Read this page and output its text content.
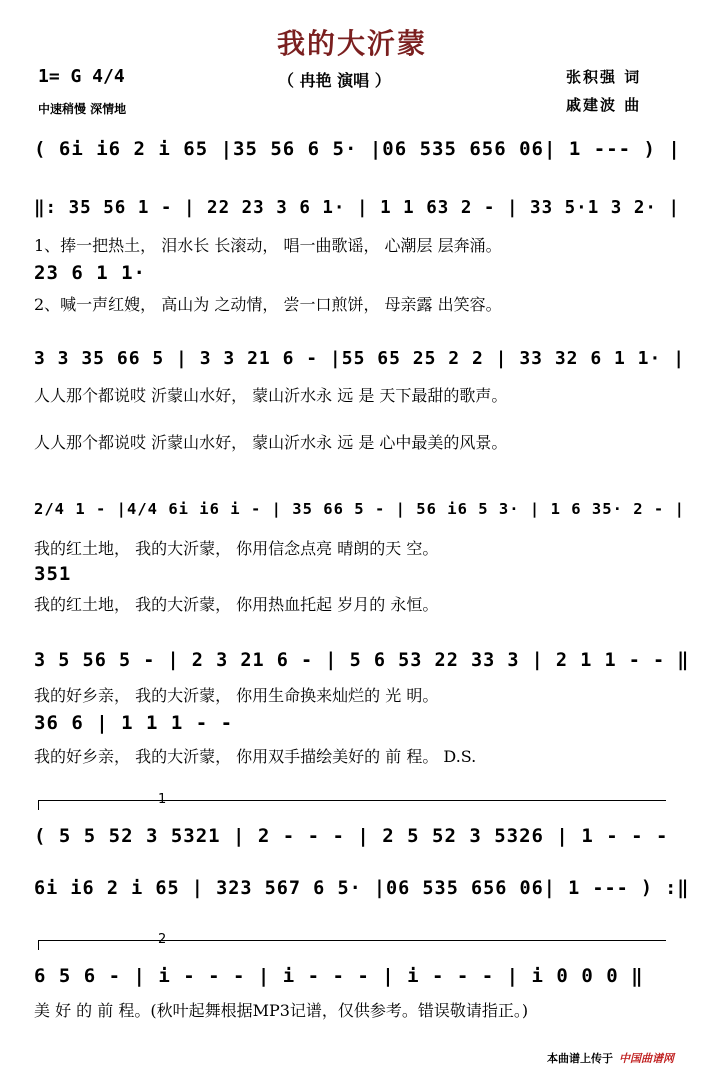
我的大沂蒙
（ 冉艳 演唱 ）
1= G 4/4
中速稍慢 深情地
张积强 词
戚建波 曲
( 6i i6 2 i 65 |35 56 6 5· |06 535 656 06| 1 --- ) |
‖: 35 56 1 - | 22 23 3 6 1· | 1 1 63 2 - | 33 5·1 3 2· |
1、捧一把热土， 泪水长 长滚动， 唱一曲歌谣， 心潮层 层奔涌。
23 6 1 1·
2、喊一声红嫂， 高山为 之动情， 尝一口煎饼， 母亲露 出笑容。
3 3 35 66 5 | 3 3 21 6 - |55 65 25 2 2 | 33 32 6 1 1· |
人人那个都说哎 沂蒙山水好， 蒙山沂水永 远 是 天下最甜的歌声。
人人那个都说哎 沂蒙山水好， 蒙山沂水永 远 是 心中最美的风景。
2/4 1 - |4/4 6i i6 i - | 35 66 5 - | 56 i6 5 3· | 1 6 35· 2 - |
我的红土地， 我的大沂蒙， 你用信念点亮 晴朗的天 空。
351
我的红土地， 我的大沂蒙， 你用热血托起 岁月的 永恒。
3 5 56 5 - | 2 3 21 6 - | 5 6 53 22 33 3 | 2 1 1 - - ‖
我的好乡亲， 我的大沂蒙， 你用生命换来灿烂的 光 明。
36 6 | 1 1 1 - -
我的好乡亲， 我的大沂蒙， 你用双手描绘美好的 前 程。 D.S.
( 5 5 52 3 5321 | 2 - - - | 2 5 52 3 5326 | 1 - - -
6i i6 2 i 65 | 323 567 6 5· |06 535 656 06| 1 --- ) :‖
6 5 6 - | i - - - | i - - - | i - - - | i 0 0 0 ‖
美 好 的 前 程。(秋叶起舞根据MP3记谱，仅供参考。错误敬请指正。)
1
2
本曲谱上传于 中国曲谱网
